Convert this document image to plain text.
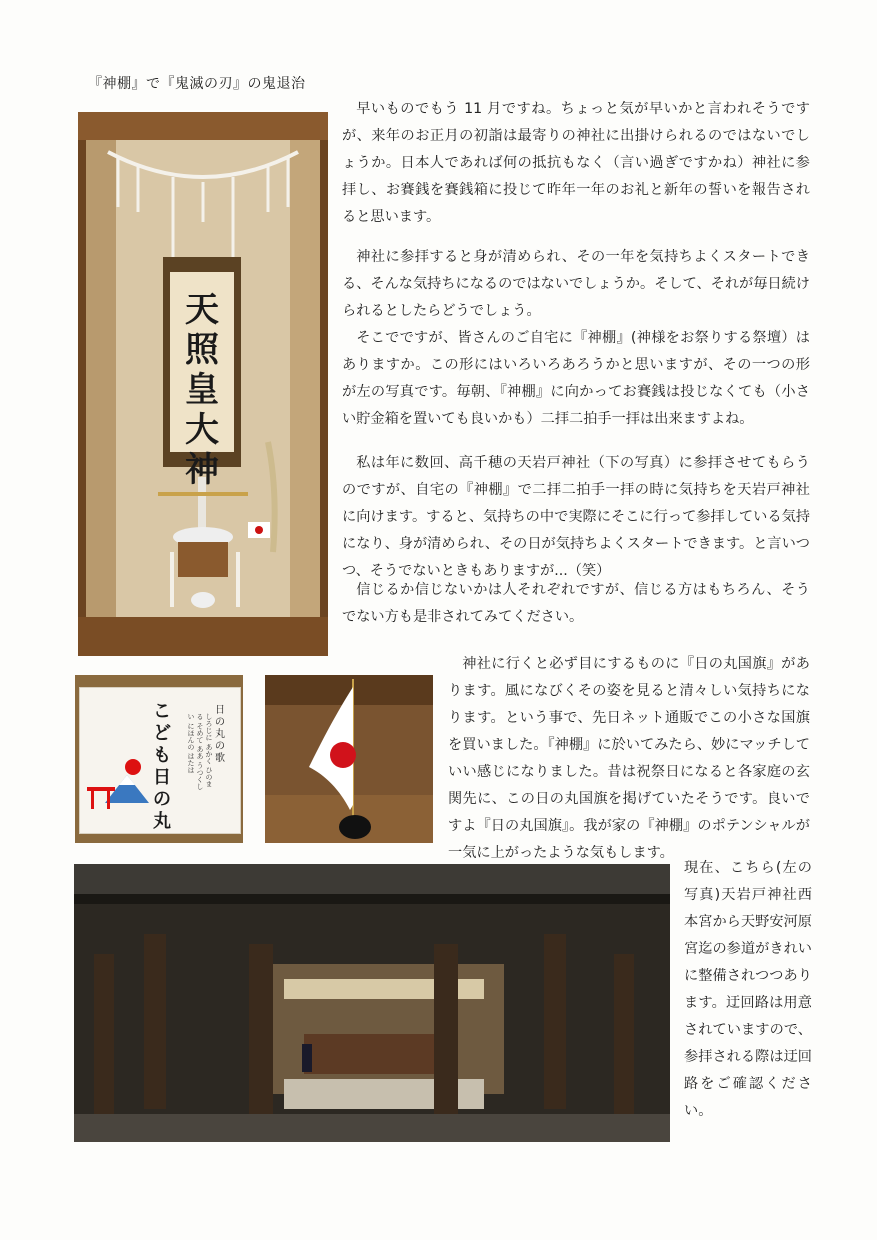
『神棚』で『鬼滅の刃』の鬼退治
天照皇大神

早いものでもう 11 月ですね。ちょっと気が早いかと言われそうですが、来年のお正月の初詣は最寄りの神社に出掛けられるのではないでしょうか。日本人であれば何の抵抗もなく（言い過ぎですかね）神社に参拝し、お賽銭を賽銭箱に投じて昨年一年のお礼と新年の誓いを報告されると思います。

神社に参拝すると身が清められ、その一年を気持ちよくスタートできる、そんな気持ちになるのではないでしょうか。そして、それが毎日続けられるとしたらどうでしょう。

そこでですが、皆さんのご自宅に『神棚』(神様をお祭りする祭壇）はありますか。この形にはいろいろあろうかと思いますが、その一つの形が左の写真です。毎朝、『神棚』に向かってお賽銭は投じなくても（小さい貯金箱を置いても良いかも）二拝二拍手一拝は出来ますよね。

私は年に数回、高千穂の天岩戸神社（下の写真）に参拝させてもらうのですが、自宅の『神棚』で二拝二拍手一拝の時に気持ちを天岩戸神社に向けます。すると、気持ちの中で実際にそこに行って参拝している気持になり、身が清められ、その日が気持ちよくスタートできます。と言いつつ、そうでないときもありますが...（笑）

信じるか信じないかは人それぞれですが、信じる方はもちろん、そうでない方も是非されてみてください。

こども日の丸
日の丸の歌
しろじに あかく ひのまる そめて ああ うつくしい にほんの はたは

神社に行くと必ず目にするものに『日の丸国旗』があります。風になびくその姿を見ると清々しい気持ちになります。という事で、先日ネット通販でこの小さな国旗を買いました。『神棚』に於いてみたら、妙にマッチしていい感じになりました。昔は祝祭日になると各家庭の玄関先に、この日の丸国旗を掲げていたそうです。良いですよ『日の丸国旗』。我が家の『神棚』のポテンシャルが一気に上がったような気もします。

現在、こちら(左の写真)天岩戸神社西本宮から天野安河原宮迄の参道がきれいに整備されつつあります。迂回路は用意されていますので、参拝される際は迂回路をご確認ください。
